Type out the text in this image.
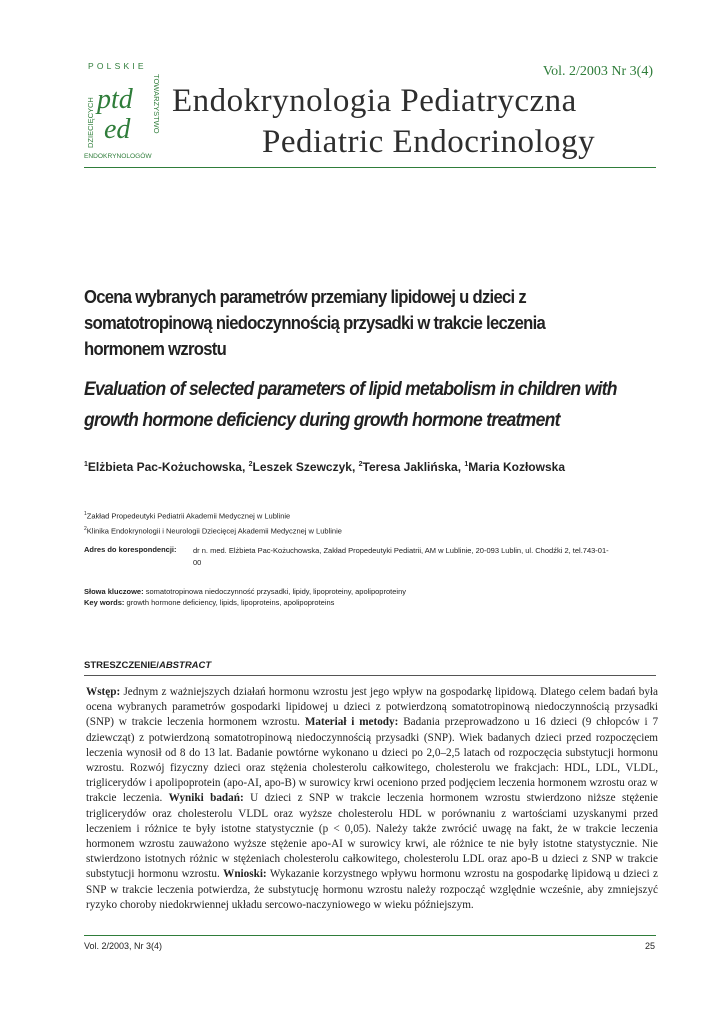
POLSKIE
DZIECIĘCYCH	TOWARZYSTWO
ptd
ed
ENDOKRYNOLOGÓW
Vol. 2/2003 Nr 3(4)
Endokrynologia Pediatryczna
Pediatric Endocrinology
Ocena wybranych parametrów przemiany lipidowej u dzieci z somatotropinową niedoczynnością przysadki w trakcie leczenia hormonem wzrostu
Evaluation of selected parameters of lipid metabolism in children with growth hormone deficiency during growth hormone treatment
$^1$Elżbieta Pac-Kożuchowska, $^2$Leszek Szewczyk, $^2$Teresa Jaklińska, $^1$Maria Kozłowska
$^1$Zakład Propedeutyki Pediatrii Akademii Medycznej w Lublinie
$^2$Klinika Endokrynologii i Neurologii Dziecięcej Akademii Medycznej w Lublinie
Adres do korespondencji: dr n. med. Elżbieta Pac-Kożuchowska, Zakład Propedeutyki Pediatrii, AM w Lublinie, 20-093 Lublin, ul. Chodźki 2, tel.743-01-00
Słowa kluczowe: somatotropinowa niedoczynność przysadki, lipidy, lipoproteiny, apolipoproteiny
Key words: growth hormone deficiency, lipids, lipoproteins, apolipoproteins
STRESZCZENIE/ABSTRACT

Wstęp: Jednym z ważniejszych działań hormonu wzrostu jest jego wpływ na gospodarkę lipidową. Dlatego celem badań była ocena wybranych parametrów gospodarki lipidowej u dzieci z potwierdzoną somatotropinową niedoczynnością przysadki (SNP) w trakcie leczenia hormonem wzrostu. Materiał i metody: Badania przeprowadzono u 16 dzieci (9 chłopców i 7 dziewcząt) z potwierdzoną somatotropinową niedoczynnością przysadki (SNP). Wiek badanych dzieci przed rozpoczęciem leczenia wynosił od 8 do 13 lat. Badanie powtórne wykonano u dzieci po 2,0–2,5 latach od rozpoczęcia substytucji hormonu wzrostu. Rozwój fizyczny dzieci oraz stężenia cholesterolu całkowitego, cholesterolu we frakcjach: HDL, LDL, VLDL, triglicerydów i apolipoprotein (apo-AI, apo-B) w surowicy krwi oceniono przed podjęciem leczenia hormonem wzrostu oraz w trakcie leczenia. Wyniki badań: U dzieci z SNP w trakcie leczenia hormonem wzrostu stwierdzono niższe stężenie triglicerydów oraz cholesterolu VLDL oraz wyższe cholesterolu HDL w porównaniu z wartościami uzyskanymi przed leczeniem i różnice te były istotne statystycznie (p < 0,05). Należy także zwrócić uwagę na fakt, że w trakcie leczenia hormonem wzrostu zauważono wyższe stężenie apo-AI w surowicy krwi, ale różnice te nie były istotne statystycznie. Nie stwierdzono istotnych różnic w stężeniach cholesterolu całkowitego, cholesterolu LDL oraz apo-B u dzieci z SNP w trakcie substytucji hormonu wzrostu. Wnioski: Wykazanie korzystnego wpływu hormonu wzrostu na gospodarkę lipidową u dzieci z SNP w trakcie leczenia potwierdza, że substytucję hormonu wzrostu należy rozpocząć względnie wcześnie, aby zmniejszyć ryzyko choroby niedokrwiennej układu sercowo-naczyniowego w wieku późniejszym.

Vol. 2/2003, Nr 3(4)	25
